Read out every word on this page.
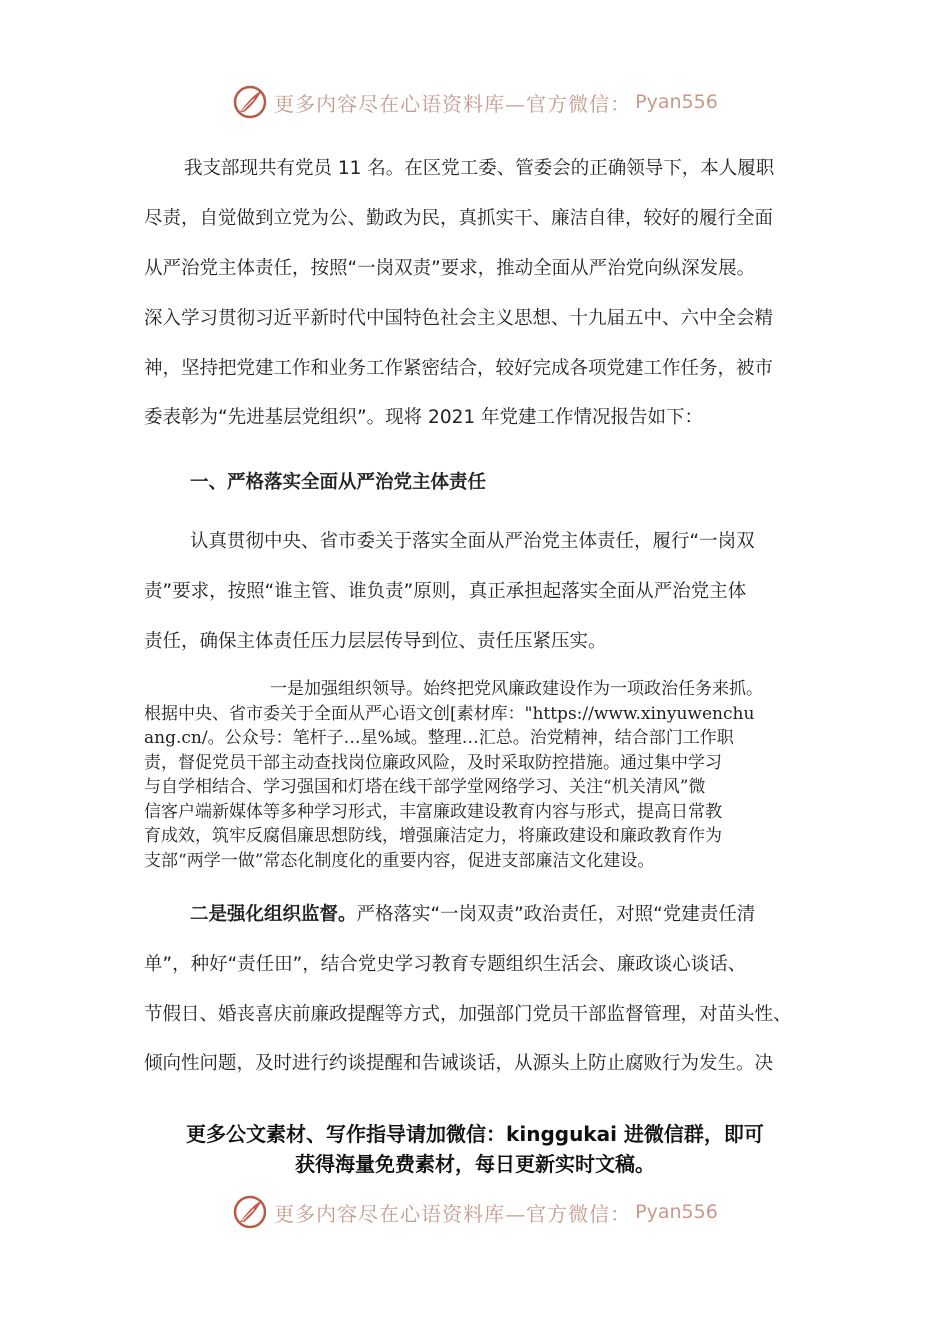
更多内容尽在心语资料库—官方微信： Pyan556
我支部现共有党员 11 名。在区党工委、管委会的正确领导下，本人履职
尽责，自觉做到立党为公、勤政为民，真抓实干、廉洁自律，较好的履行全面
从严治党主体责任，按照“一岗双责”要求，推动全面从严治党向纵深发展。
深入学习贯彻习近平新时代中国特色社会主义思想、十九届五中、六中全会精
神，坚持把党建工作和业务工作紧密结合，较好完成各项党建工作任务，被市
委表彰为“先进基层党组织”。现将 2021 年党建工作情况报告如下：
一、严格落实全面从严治党主体责任
认真贯彻中央、省市委关于落实全面从严治党主体责任，履行“一岗双
责”要求，按照“谁主管、谁负责”原则，真正承担起落实全面从严治党主体
责任，确保主体责任压力层层传导到位、责任压紧压实。
一是加强组织领导。始终把党风廉政建设作为一项政治任务来抓。
根据中央、省市委关于全面从严心语文创[素材库："https://www.xinyuwenchu
ang.cn/。公众号：笔杆子…星%域。整理…汇总。治党精神，结合部门工作职
责，督促党员干部主动查找岗位廉政风险，及时采取防控措施。通过集中学习
与自学相结合、学习强国和灯塔在线干部学堂网络学习、关注“机关清风”微
信客户端新媒体等多种学习形式，丰富廉政建设教育内容与形式，提高日常教
育成效，筑牢反腐倡廉思想防线，增强廉洁定力，将廉政建设和廉政教育作为
支部“两学一做”常态化制度化的重要内容，促进支部廉洁文化建设。
二是强化组织监督。严格落实“一岗双责”政治责任，对照“党建责任清
单”，种好“责任田”，结合党史学习教育专题组织生活会、廉政谈心谈话、
节假日、婚丧喜庆前廉政提醒等方式，加强部门党员干部监督管理，对苗头性、
倾向性问题，及时进行约谈提醒和告诫谈话，从源头上防止腐败行为发生。决
更多公文素材、写作指导请加微信：kinggukai 进微信群，即可
获得海量免费素材，每日更新实时文稿。
更多内容尽在心语资料库—官方微信： Pyan556
